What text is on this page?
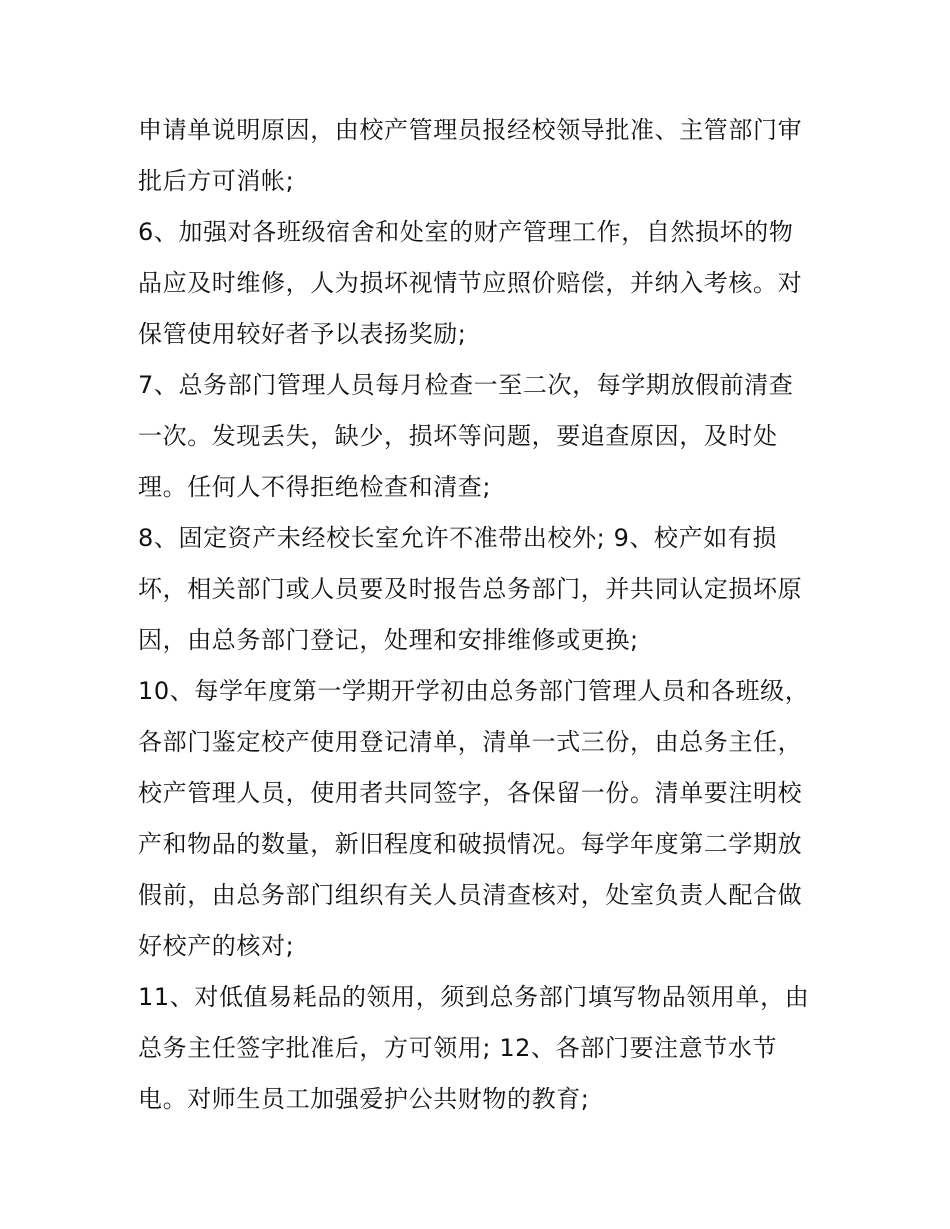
申请单说明原因，由校产管理员报经校领导批准、主管部门审
批后方可消帐;
6、加强对各班级宿舍和处室的财产管理工作，自然损坏的物
品应及时维修，人为损坏视情节应照价赔偿，并纳入考核。对
保管使用较好者予以表扬奖励;
7、总务部门管理人员每月检查一至二次，每学期放假前清查
一次。发现丢失，缺少，损坏等问题，要追查原因，及时处
理。任何人不得拒绝检查和清查;
8、固定资产未经校长室允许不准带出校外; 9、校产如有损
坏，相关部门或人员要及时报告总务部门，并共同认定损坏原
因，由总务部门登记，处理和安排维修或更换;
10、每学年度第一学期开学初由总务部门管理人员和各班级，
各部门鉴定校产使用登记清单，清单一式三份，由总务主任，
校产管理人员，使用者共同签字，各保留一份。清单要注明校
产和物品的数量，新旧程度和破损情况。每学年度第二学期放
假前，由总务部门组织有关人员清查核对，处室负责人配合做
好校产的核对;
11、对低值易耗品的领用，须到总务部门填写物品领用单，由
总务主任签字批准后，方可领用; 12、各部门要注意节水节
电。对师生员工加强爱护公共财物的教育;
